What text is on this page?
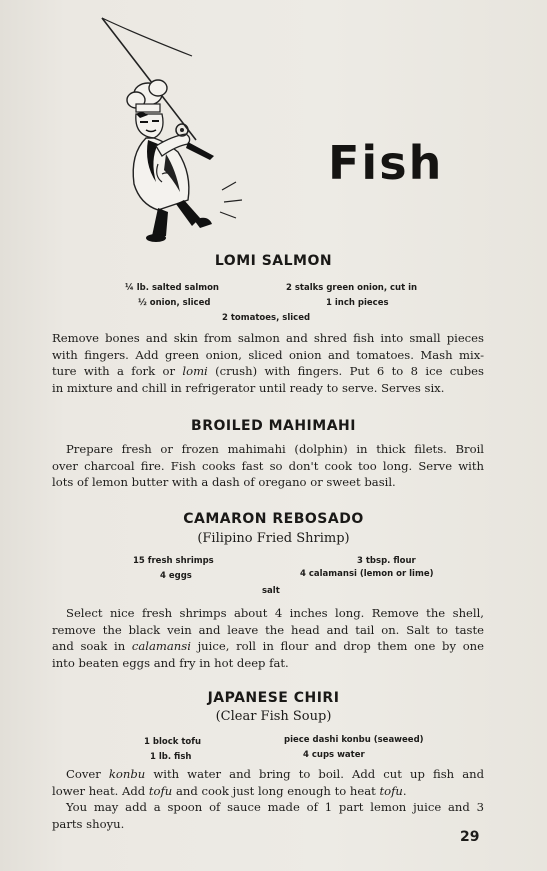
Fish
LOMI SALMON
¼ lb. salted salmon	2 stalks green onion, cut in
½ onion, sliced	1 inch pieces
2 tomatoes, sliced
Remove bones and skin from salmon and shred fish into small pieces
with fingers. Add green onion, sliced onion and tomatoes. Mash mix-
ture with a fork or lomi (crush) with fingers. Put 6 to 8 ice cubes
in mixture and chill in refrigerator until ready to serve. Serves six.
BROILED MAHIMAHI
Prepare fresh or frozen mahimahi (dolphin) in thick filets. Broil
over charcoal fire. Fish cooks fast so don't cook too long. Serve with
lots of lemon butter with a dash of oregano or sweet basil.
CAMARON REBOSADO
(Filipino Fried Shrimp)
15 fresh shrimps	3 tbsp. flour
4 eggs	4 calamansi (lemon or lime)
salt
Select nice fresh shrimps about 4 inches long. Remove the shell,
remove the black vein and leave the head and tail on. Salt to taste
and soak in calamansi juice, roll in flour and drop them one by one
into beaten eggs and fry in hot deep fat.
JAPANESE CHIRI
(Clear Fish Soup)
1 block tofu	piece dashi konbu (seaweed)
1 lb. fish	4 cups water
Cover konbu with water and bring to boil. Add cut up fish and
lower heat. Add tofu and cook just long enough to heat tofu.
You may add a spoon of sauce made of 1 part lemon juice and 3
parts shoyu.
29
